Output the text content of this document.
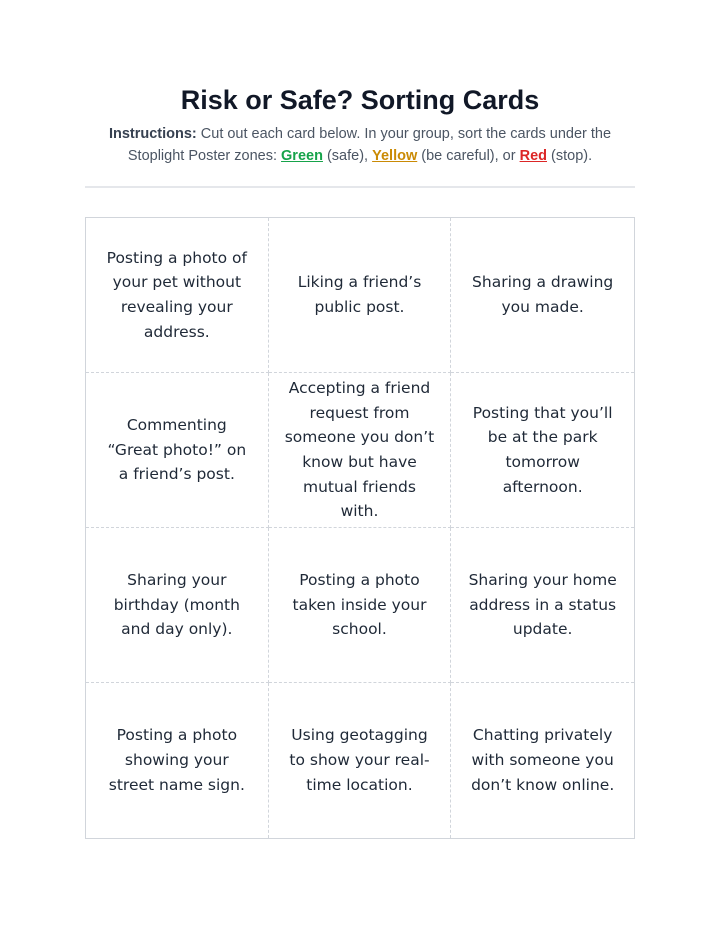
Risk or Safe? Sorting Cards

Instructions: Cut out each card below. In your group, sort the cards under the Stoplight Poster zones: Green (safe), Yellow (be careful), or Red (stop).

Posting a photo of your pet without revealing your address.
Liking a friend’s public post.
Sharing a drawing you made.
Commenting “Great photo!” on a friend’s post.
Accepting a friend request from someone you don’t know but have mutual friends with.
Posting that you’ll be at the park tomorrow afternoon.
Sharing your birthday (month and day only).
Posting a photo taken inside your school.
Sharing your home address in a status update.
Posting a photo showing your street name sign.
Using geotagging to show your real-time location.
Chatting privately with someone you don’t know online.
